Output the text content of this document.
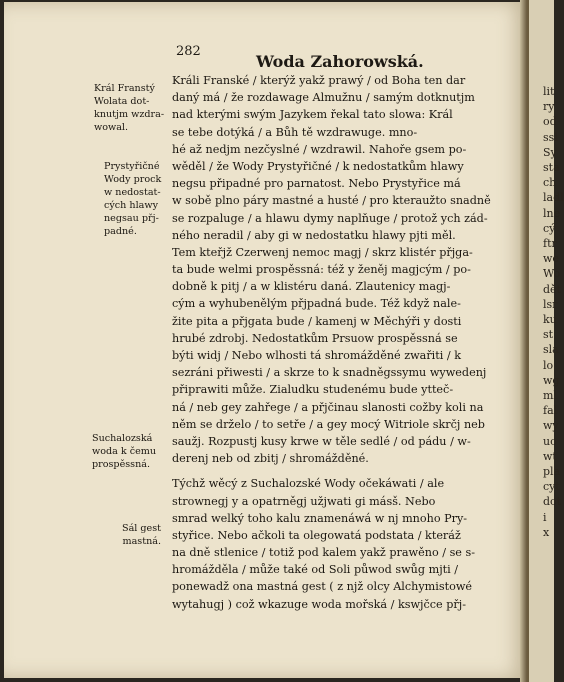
lit
ry
od
ssl
Sy
sta
ch
ladl
lne
cý
ftr
we
Wo
dět
lsr
ku
st
sla
lo
wg
ml
fal
wy
uo
wt
pla
cyt
dot
i
x
282
Woda Zahorowská.
Král Franstý
Wolata dot-
knutjm wzdra-
wowal.
Prystyřičné
Wody prock
w nedostat-
cých hlawy
negsau přj-
padné.
Suchalozská
woda k čemu
prospěssná.
Sál gest
mastná.
Králi Franské / kterýž yakž prawý / od Boha ten dar
daný má / že rozdawage Almužnu / samým dotknutjm
nad kterými swým Jazykem řekal tato slowa: Král
se tebe dotýká / a Bůh tě wzdrawuge. mno-
hé až nedjm nezčyslné / wzdrawil. Nahoře gsem po-
wěděl / že Wody Prystyřičné / k nedostatkům hlawy
negsu připadné pro parnatost. Nebo Prystyřice má
w sobě plno páry mastné a husté / pro kteraužto snadně
se rozpaluge / a hlawu dymy naplňuge / protož ych zád-
ného neradil / aby gi w nedostatku hlawy pjti měl.
Tem kteřjž Czerwenj nemoc magj / skrz klistér přjga-
ta bude welmi prospěssná: též y ženěj magjcým / po-
dobně k pitj / a w klistéru daná. Zlautenicy magj-
cým a wyhubenělým přjpadná bude. Též když nale-
žite pita a přjgata bude / kamenj w Měchýři y dosti
hrubé zdrobj. Nedostatkům Prsuow prospěssná se
býti widj / Nebo wlhosti tá shromážděné zwařiti / k
sezráni přiwesti / a skrze to k snadněgssymu wywedenj
připrawiti může. Zialudku studenému bude ytteč-
ná / neb gey zahřege / a přjčinau slanosti cožby koli na
něm se drželo / to setře / a gey mocý Witriole skrčj neb
saužj. Rozpustj kusy krwe w těle sedlé / od pádu / w-
derenj neb od zbitj / shromážděné.
Týchž wěcý z Suchalozské Wody očekáwati / ale
strownegj y a opatrněgj užjwati gi másš. Nebo
smrad welký toho kalu znamenáwá w nj mnoho Pry-
styřice. Nebo ačkoli ta olegowatá podstata / kteráž
na dně stlenice / totiž pod kalem yakž prawěno / se s-
hromážděla / může také od Soli půwod swůg mjti /
ponewadž ona mastná gest ( z njž olcy Alchymistowé
wytahugj ) což wkazuge woda mořská / kswjčce přj-
